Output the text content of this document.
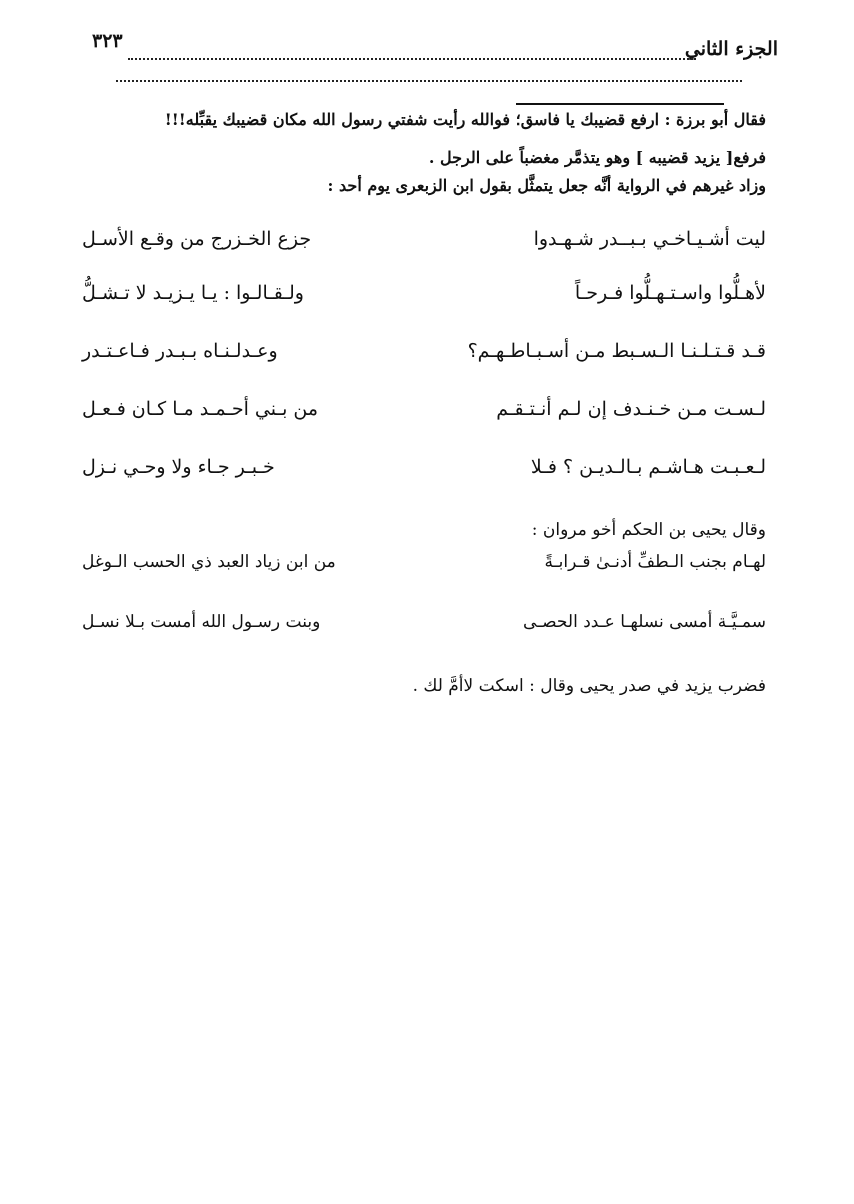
الجزء الثاني
٣٢٣
فقال أبو برزة : ارفع قضيبك يا فاسق؛ فوالله رأيت شفتي رسول الله مكان قضيبك يقبِّله!!!
فرفع[ يزيد قضيبه ] وهو يتذمَّر مغضباً على الرجل .
وزاد غيرهم في الرواية أنَّه جعل يتمثَّل بقول ابن الزبعرى يوم أحد :
ليت أشـيـاخـي بـبــدر شـهـدوا
جزع الخـزرج من وقـع الأسـل
لأهـلُّوا واسـتـهـلُّوا فـرحـاً
ولـقـالـوا : يـا يـزيـد لا تـشـلُّ
قـد قـتـلـنـا الـسـبط مـن أسـبـاطـهـم؟
وعـدلـنـاه بـبـدر فـاعـتـدر
لـسـت مـن خـنـدف إن لـم أنـتـقـم
من بـني أحـمـد مـا كـان فـعـل
لـعـبـت هـاشـم بـالـديـن ؟ فـلا
خـبـر جـاء ولا وحـي نـزل
وقال يحيى بن الحكم أخو مروان :
لهـام بجنب الـطفِّ أدنـىٰ قـرابـةً
من ابن زياد العبد ذي الحسب الـوغل
سمـيَّـة أمسى نسلهـا عـدد الحصـى
وبنت رسـول الله أمست بـلا نسـل
فضرب يزيد في صدر يحيى وقال : اسكت لاأمَّ لك .
